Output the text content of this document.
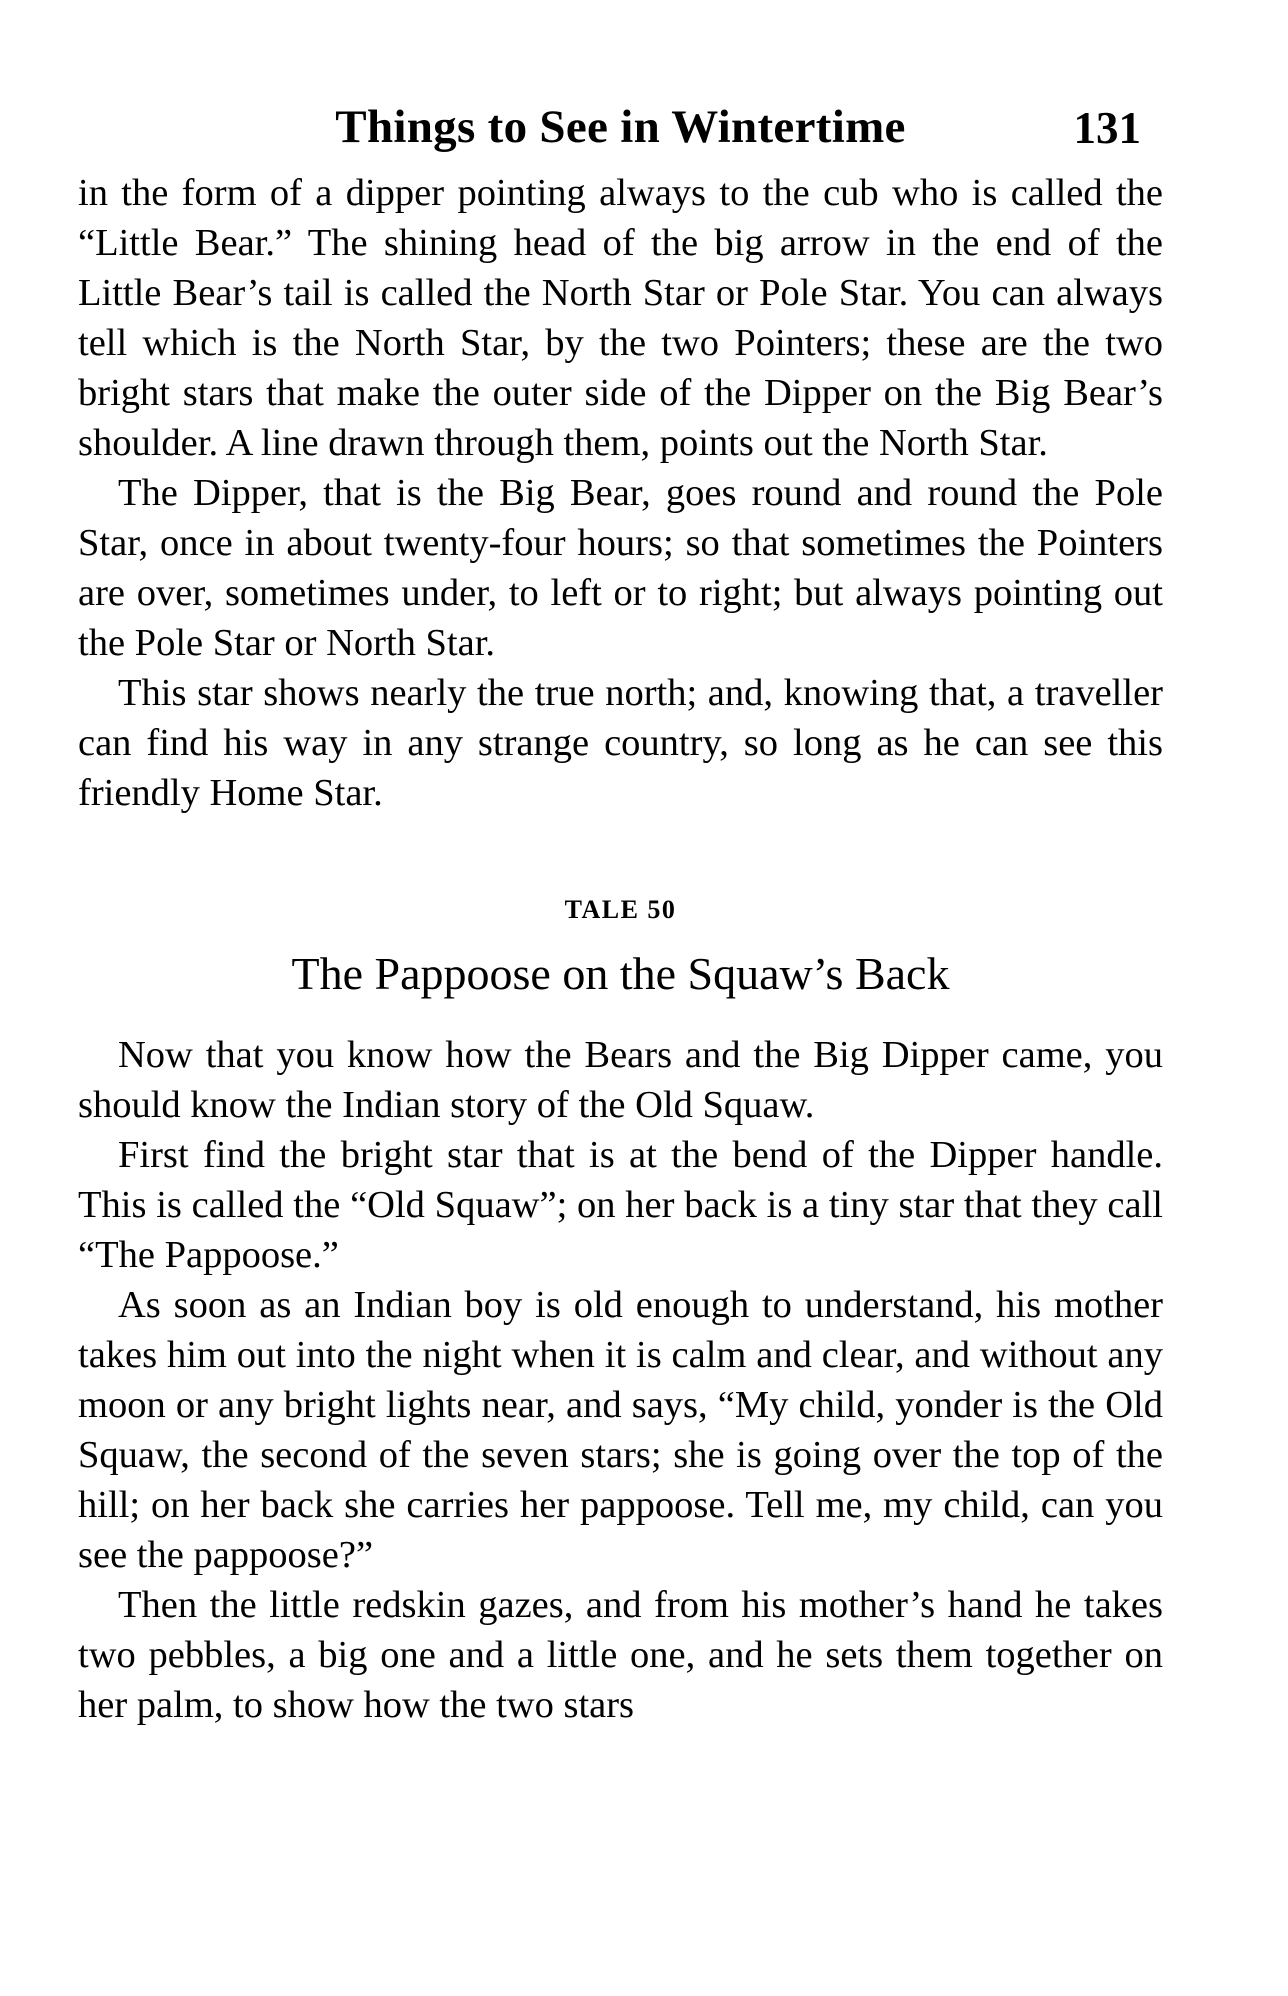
Things to See in Wintertime	131

in the form of a dipper pointing always to the cub who is called the “Little Bear.” The shining head of the big arrow in the end of the Little Bear’s tail is called the North Star or Pole Star. You can always tell which is the North Star, by the two Pointers; these are the two bright stars that make the outer side of the Dipper on the Big Bear’s shoulder. A line drawn through them, points out the North Star.

The Dipper, that is the Big Bear, goes round and round the Pole Star, once in about twenty-four hours; so that sometimes the Pointers are over, sometimes under, to left or to right; but always pointing out the Pole Star or North Star.

This star shows nearly the true north; and, knowing that, a traveller can find his way in any strange country, so long as he can see this friendly Home Star.

TALE 50
The Pappoose on the Squaw’s Back

Now that you know how the Bears and the Big Dipper came, you should know the Indian story of the Old Squaw.

First find the bright star that is at the bend of the Dipper handle. This is called the “Old Squaw”; on her back is a tiny star that they call “The Pappoose.”

As soon as an Indian boy is old enough to understand, his mother takes him out into the night when it is calm and clear, and without any moon or any bright lights near, and says, “My child, yonder is the Old Squaw, the second of the seven stars; she is going over the top of the hill; on her back she carries her pappoose. Tell me, my child, can you see the pappoose?”

Then the little redskin gazes, and from his mother’s hand he takes two pebbles, a big one and a little one, and he sets them together on her palm, to show how the two stars
